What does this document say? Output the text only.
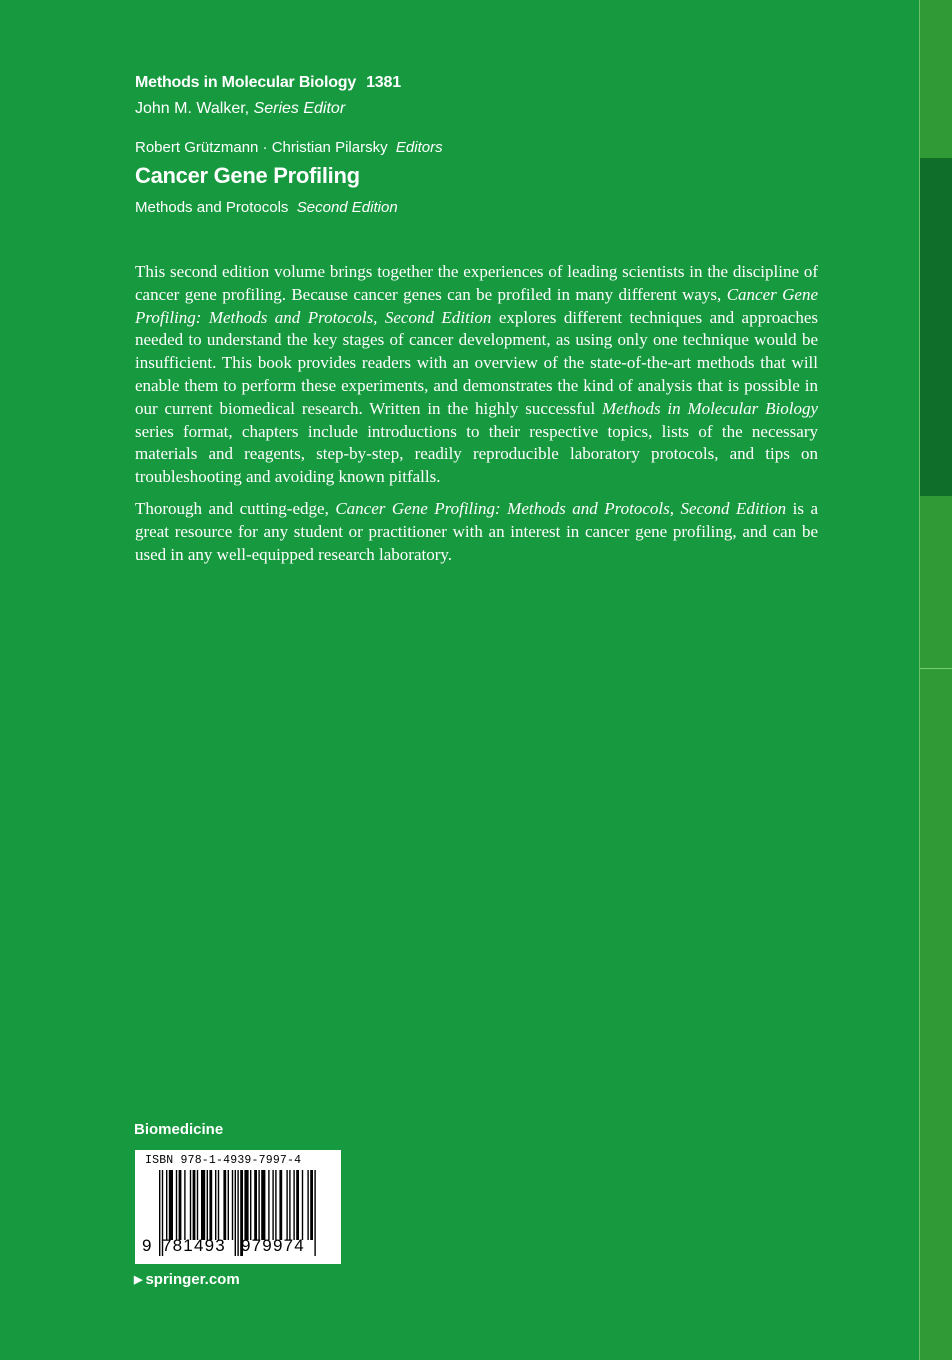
Methods in Molecular Biology 1381
John M. Walker, Series Editor
Robert Grützmann · Christian Pilarsky Editors
Cancer Gene Profiling
Methods and Protocols Second Edition

This second edition volume brings together the experiences of leading scientists in the discipline of cancer gene profiling. Because cancer genes can be profiled in many different ways, Cancer Gene Profiling: Methods and Protocols, Second Edition explores different techniques and approaches needed to understand the key stages of cancer development, as using only one technique would be insufficient. This book provides readers with an overview of the state-of-the-art methods that will enable them to perform these experiments, and demonstrates the kind of analysis that is possible in our current biomedical research. Written in the highly successful Methods in Molecular Biology series format, chapters include introductions to their respective topics, lists of the necessary materials and reagents, step-by-step, readily reproducible laboratory protocols, and tips on troubleshooting and avoiding known pitfalls.

Thorough and cutting-edge, Cancer Gene Profiling: Methods and Protocols, Second Edition is a great resource for any student or practitioner with an interest in cancer gene profiling, and can be used in any well-equipped research laboratory.

Biomedicine
ISBN 978-1-4939-7997-4
9 781493 979974
▶ springer.com
